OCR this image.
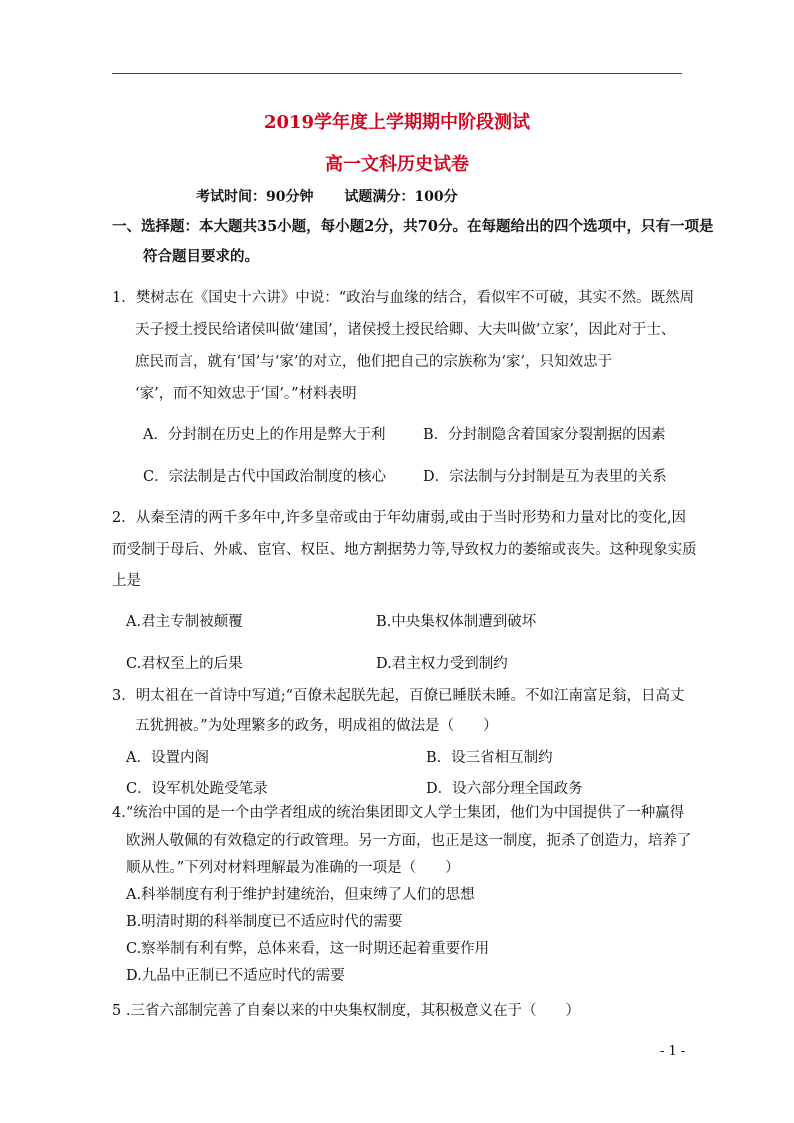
2019学年度上学期期中阶段测试
高一文科历史试卷
考试时间：90分钟 试题满分：100分
一、选择题：本大题共35小题，每小题2分，共70分。在每题给出的四个选项中，只有一项是
符合题目要求的。
1．樊树志在《国史十六讲》中说：“政治与血缘的结合，看似牢不可破，其实不然。既然周
天子授土授民给诸侯叫做‘建国’，诸侯授土授民给卿、大夫叫做‘立家’，因此对于士、
庶民而言，就有‘国’与‘家’的对立，他们把自己的宗族称为‘家’，只知效忠于
‘家’，而不知效忠于‘国’。”材料表明
A．分封制在历史上的作用是弊大于利	B．分封制隐含着国家分裂割据的因素
C．宗法制是古代中国政治制度的核心	D．宗法制与分封制是互为表里的关系
2．从秦至清的两千多年中,许多皇帝或由于年幼庸弱,或由于当时形势和力量对比的变化,因
而受制于母后、外戚、宦官、权臣、地方割据势力等,导致权力的萎缩或丧失。这种现象实质
上是
A.君主专制被颠覆	B.中央集权体制遭到破坏
C.君权至上的后果	D.君主权力受到制约
3．明太祖在一首诗中写道;“百僚未起朕先起，百僚已睡朕未睡。不如江南富足翁，日高丈
五犹拥被。”为处理繁多的政务，明成祖的做法是（　　）
A．设置内阁	B．设三省相互制约
C．设军机处跪受笔录	D．设六部分理全国政务
4.“统治中国的是一个由学者组成的统治集团即文人学士集团，他们为中国提供了一种赢得
欧洲人敬佩的有效稳定的行政管理。另一方面，也正是这一制度，扼杀了创造力，培养了
顺从性。”下列对材料理解最为准确的一项是（　　）
A.科举制度有利于维护封建统治，但束缚了人们的思想
B.明清时期的科举制度已不适应时代的需要
C.察举制有利有弊，总体来看，这一时期还起着重要作用
D.九品中正制已不适应时代的需要
5 .三省六部制完善了自秦以来的中央集权制度，其积极意义在于（　　）
- 1 -
